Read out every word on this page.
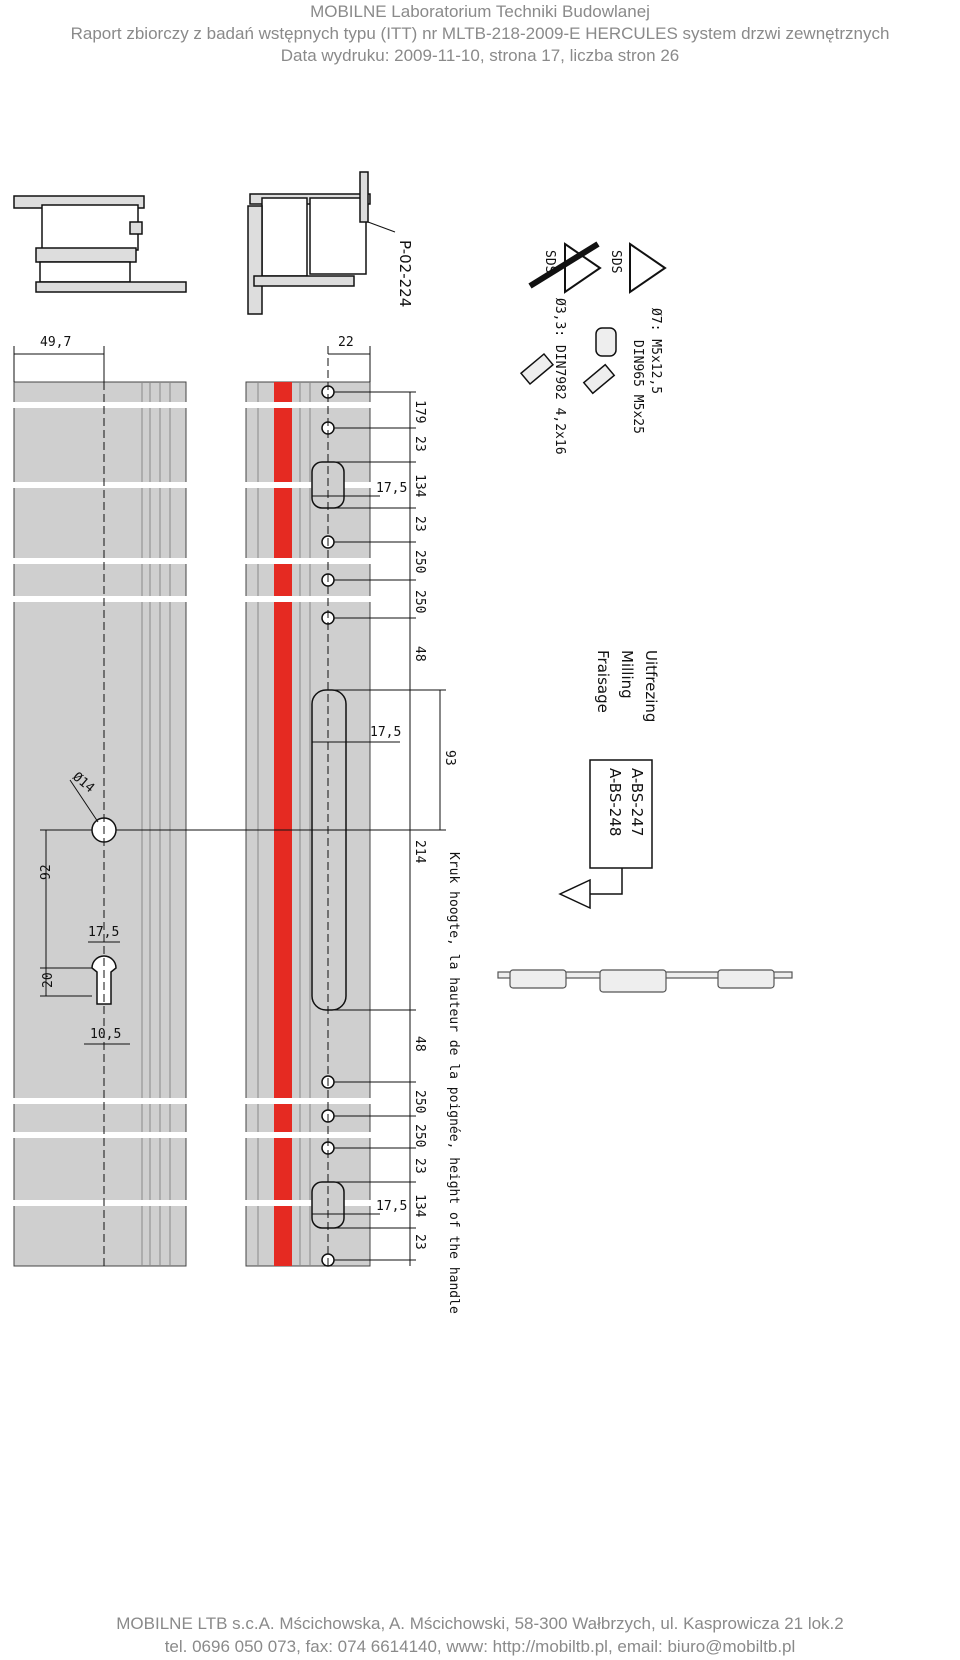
MOBILNE Laboratorium Techniki Budowlanej
Raport zbiorczy z badań wstępnych typu (ITT) nr MLTB-218-2009-E HERCULES system drzwi zewnętrznych
Data wydruku: 2009-11-10, strona 17, liczba stron 26
P-02-224	SDS	SDS
Ø7: M5x12,5
DIN965 M5x25
Ø3,3: DIN7982 4,2x16
49,7	22
17,5
17,5
17,5
Ø14
92
20
17,5
10,5
179
23
134
23
250
250
48
93
214
48
250
250
23
134
23 Kruk hoogte, la hauteur de la poignée, height of the handle
Uitfrezing
Milling
Fraisage
A-BS-247
A-BS-248
MOBILNE LTB s.c.A. Mścichowska, A. Mścichowski, 58-300 Wałbrzych, ul. Kasprowicza 21 lok.2
tel. 0696 050 073, fax: 074 6614140, www: http://mobiltb.pl, email: biuro@mobiltb.pl
